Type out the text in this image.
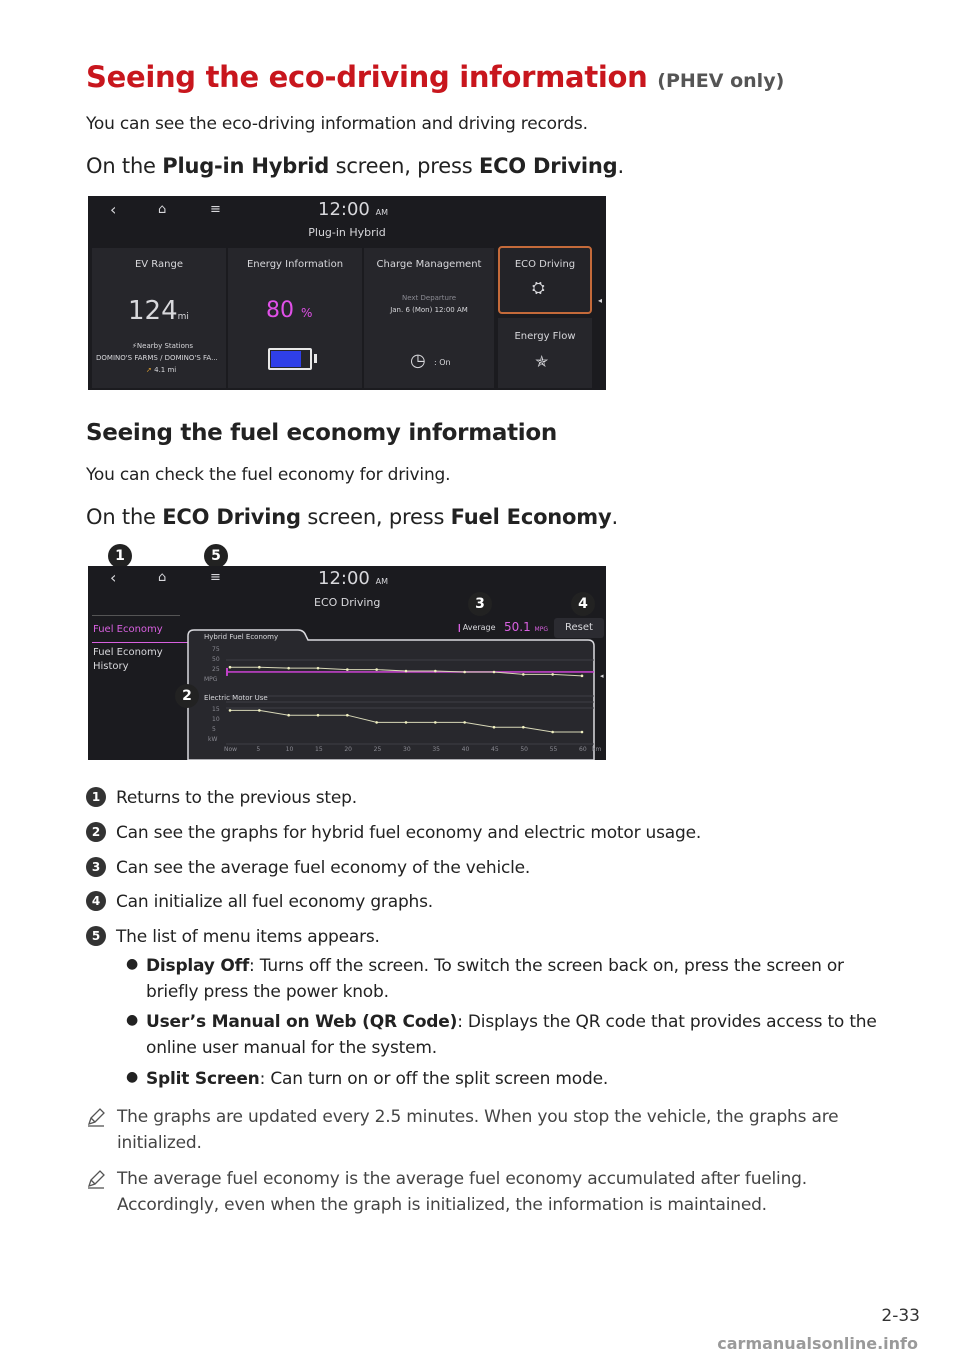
Seeing the eco-driving information (PHEV only)
You can see the eco-driving information and driving records.
On the Plug-in Hybrid screen, press ECO Driving.
‹	⌂	≡	12:00 AM
Plug-in Hybrid
EV Range
124mi
⚡Nearby Stations
DOMINO'S FARMS / DOMINO'S FA...
➚ 4.1 mi
Energy Information
80 %
Charge Management
Next Departure
Jan. 6 (Mon) 12:00 AM
◷ : On
ECO Driving
⛭
Energy Flow
✯
◂
Seeing the fuel economy information
You can check the fuel economy for driving.
On the ECO Driving screen, press Fuel Economy.
1	5
‹	⌂	≡	12:00 AM
ECO Driving
Fuel Economy
Fuel Economy
History
❙Average 50.1 MPG	Reset
◂
Hybrid Fuel Economy
75
50
25
MPG
Electric Motor Use
15
10
5
kW
Now	5	10	15	20	25	30	35	40	45	50	55	60 km
3	4
2
1 Returns to the previous step.
2 Can see the graphs for hybrid fuel economy and electric motor usage.
3 Can see the average fuel economy of the vehicle.
4 Can initialize all fuel economy graphs.
5 The list of menu items appears.
● Display Off: Turns off the screen. To switch the screen back on, press the screen or
briefly press the power knob.
● User’s Manual on Web (QR Code): Displays the QR code that provides access to the
online user manual for the system.
● Split Screen: Can turn on or off the split screen mode.
The graphs are updated every 2.5 minutes. When you stop the vehicle, the graphs are
initialized.
The average fuel economy is the average fuel economy accumulated after fueling.
Accordingly, even when the graph is initialized, the information is maintained.
2-33
carmanualsonline.info
